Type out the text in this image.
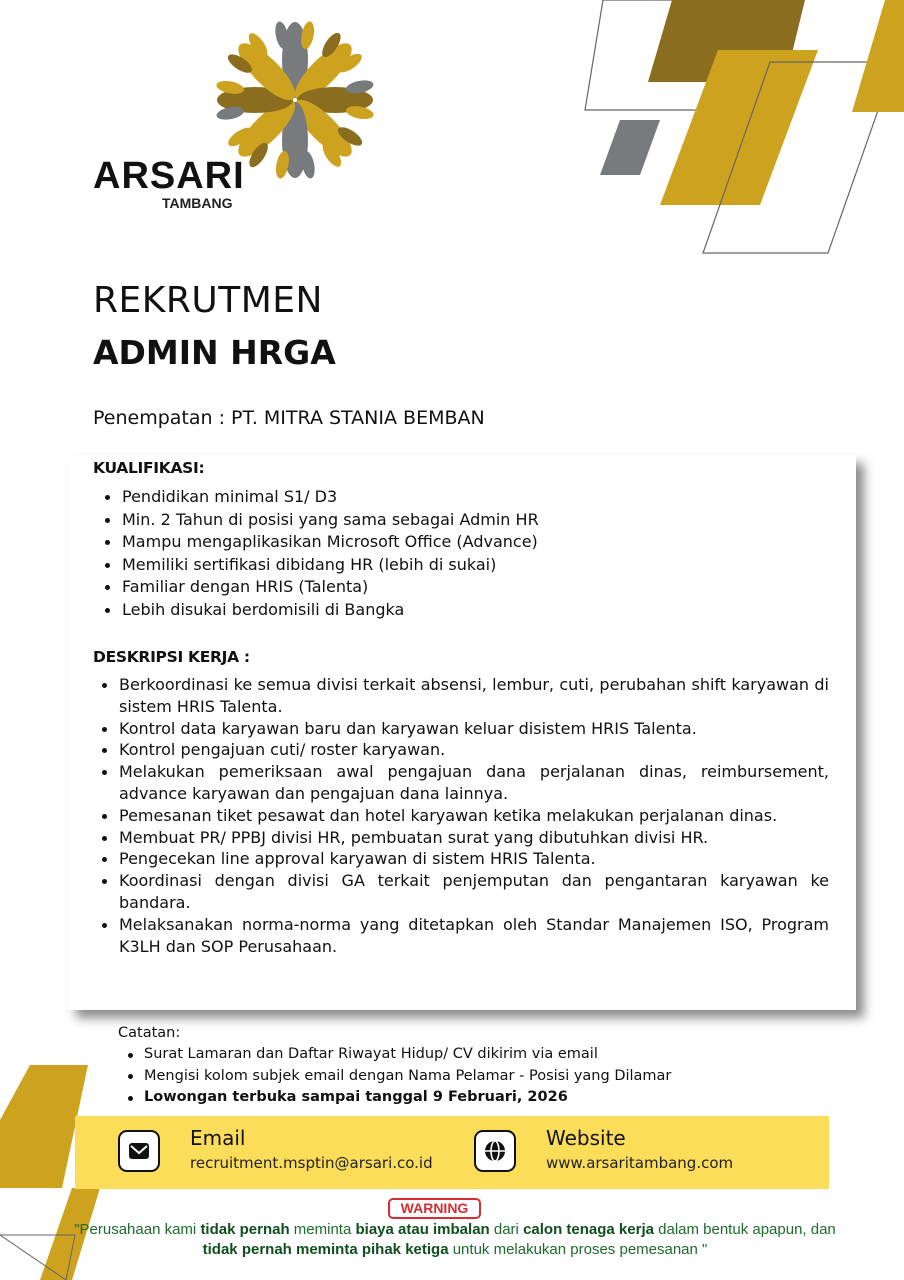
ARSARI
TAMBANG
REKRUTMEN
ADMIN HRGA
Penempatan : PT. MITRA STANIA BEMBAN
KUALIFIKASI:
Pendidikan minimal S1/ D3
Min. 2 Tahun di posisi yang sama sebagai Admin HR
Mampu mengaplikasikan Microsoft Office (Advance)
Memiliki sertifikasi dibidang HR (lebih di sukai)
Familiar dengan HRIS (Talenta)
Lebih disukai berdomisili di Bangka
DESKRIPSI KERJA :
Berkoordinasi ke semua divisi terkait absensi, lembur, cuti, perubahan shift karyawan di sistem HRIS Talenta.
Kontrol data karyawan baru dan karyawan keluar disistem HRIS Talenta.
Kontrol pengajuan cuti/ roster karyawan.
Melakukan pemeriksaan awal pengajuan dana perjalanan dinas, reimbursement, advance karyawan dan pengajuan dana lainnya.
Pemesanan tiket pesawat dan hotel karyawan ketika melakukan perjalanan dinas.
Membuat PR/ PPBJ divisi HR, pembuatan surat yang dibutuhkan divisi HR.
Pengecekan line approval karyawan di sistem HRIS Talenta.
Koordinasi dengan divisi GA terkait penjemputan dan pengantaran karyawan ke bandara.
Melaksanakan norma-norma yang ditetapkan oleh Standar Manajemen ISO, Program K3LH dan SOP Perusahaan.
Catatan:
Surat Lamaran dan Daftar Riwayat Hidup/ CV dikirim via email
Mengisi kolom subjek email dengan Nama Pelamar - Posisi yang Dilamar
Lowongan terbuka sampai tanggal 9 Februari, 2026
Email
recruitment.msptin@arsari.co.id
Website
www.arsaritambang.com
WARNING
"Perusahaan kami tidak pernah meminta biaya atau imbalan dari calon tenaga kerja dalam bentuk apapun, dan
tidak pernah meminta pihak ketiga untuk melakukan proses pemesanan "
